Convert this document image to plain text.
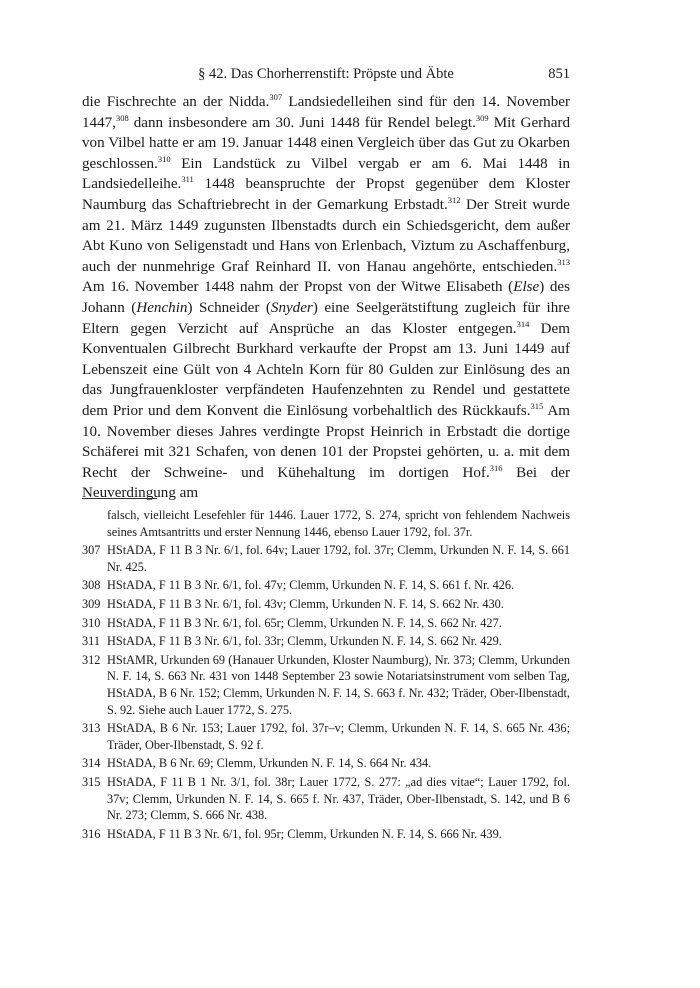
§ 42. Das Chorherrenstift: Pröpste und Äbte	851

die Fischrechte an der Nidda.$^{307}$ Landsiedelleihen sind für den 14. November 1447,$^{308}$ dann insbesondere am 30. Juni 1448 für Rendel belegt.$^{309}$ Mit Gerhard von Vilbel hatte er am 19. Januar 1448 einen Vergleich über das Gut zu Okarben geschlossen.$^{310}$ Ein Landstück zu Vilbel vergab er am 6. Mai 1448 in Landsiedelleihe.$^{311}$ 1448 beanspruchte der Propst gegenüber dem Kloster Naumburg das Schaftriebrecht in der Gemarkung Erbstadt.$^{312}$ Der Streit wurde am 21. März 1449 zugunsten Ilbenstadts durch ein Schiedsgericht, dem außer Abt Kuno von Seligenstadt und Hans von Erlenbach, Viztum zu Aschaffenburg, auch der nunmehrige Graf Reinhard II. von Hanau angehörte, entschieden.$^{313}$ Am 16. November 1448 nahm der Propst von der Witwe Elisabeth (Else) des Johann (Henchin) Schneider (Snyder) eine Seelgerätstiftung zugleich für ihre Eltern gegen Verzicht auf Ansprüche an das Kloster entgegen.$^{314}$ Dem Konventualen Gilbrecht Burkhard verkaufte der Propst am 13. Juni 1449 auf Lebenszeit eine Gült von 4 Achteln Korn für 80 Gulden zur Einlösung des an das Jungfrauenkloster verpfändeten Haufenzehnten zu Rendel und gestattete dem Prior und dem Konvent die Einlösung vorbehaltlich des Rückkaufs.$^{315}$ Am 10. November dieses Jahres verdingte Propst Heinrich in Erbstadt die dortige Schäferei mit 321 Schafen, von denen 101 der Propstei gehörten, u. a. mit dem Recht der Schweine- und Kühehaltung im dortigen Hof.$^{316}$ Bei der Neuverdingung am

falsch, vielleicht Lesefehler für 1446. Lauer 1772, S. 274, spricht von fehlendem Nachweis seines Amtsantritts und erster Nennung 1446, ebenso Lauer 1792, fol. 37r.
307 HStADA, F 11 B 3 Nr. 6/1, fol. 64v; Lauer 1792, fol. 37r; Clemm, Urkunden N. F. 14, S. 661 Nr. 425.
308 HStADA, F 11 B 3 Nr. 6/1, fol. 47v; Clemm, Urkunden N. F. 14, S. 661 f. Nr. 426.
309 HStADA, F 11 B 3 Nr. 6/1, fol. 43v; Clemm, Urkunden N. F. 14, S. 662 Nr. 430.
310 HStADA, F 11 B 3 Nr. 6/1, fol. 65r; Clemm, Urkunden N. F. 14, S. 662 Nr. 427.
311 HStADA, F 11 B 3 Nr. 6/1, fol. 33r; Clemm, Urkunden N. F. 14, S. 662 Nr. 429.
312 HStAMR, Urkunden 69 (Hanauer Urkunden, Kloster Naumburg), Nr. 373; Clemm, Urkunden N. F. 14, S. 663 Nr. 431 von 1448 September 23 sowie Notariatsinstrument vom selben Tag, HStADA, B 6 Nr. 152; Clemm, Urkunden N. F. 14, S. 663 f. Nr. 432; Träder, Ober-Ilbenstadt, S. 92. Siehe auch Lauer 1772, S. 275.
313 HStADA, B 6 Nr. 153; Lauer 1792, fol. 37r–v; Clemm, Urkunden N. F. 14, S. 665 Nr. 436; Träder, Ober-Ilbenstadt, S. 92 f.
314 HStADA, B 6 Nr. 69; Clemm, Urkunden N. F. 14, S. 664 Nr. 434.
315 HStADA, F 11 B 1 Nr. 3/1, fol. 38r; Lauer 1772, S. 277: „ad dies vitae“; Lauer 1792, fol. 37v; Clemm, Urkunden N. F. 14, S. 665 f. Nr. 437, Träder, Ober-Ilbenstadt, S. 142, und B 6 Nr. 273; Clemm, S. 666 Nr. 438.
316 HStADA, F 11 B 3 Nr. 6/1, fol. 95r; Clemm, Urkunden N. F. 14, S. 666 Nr. 439.
